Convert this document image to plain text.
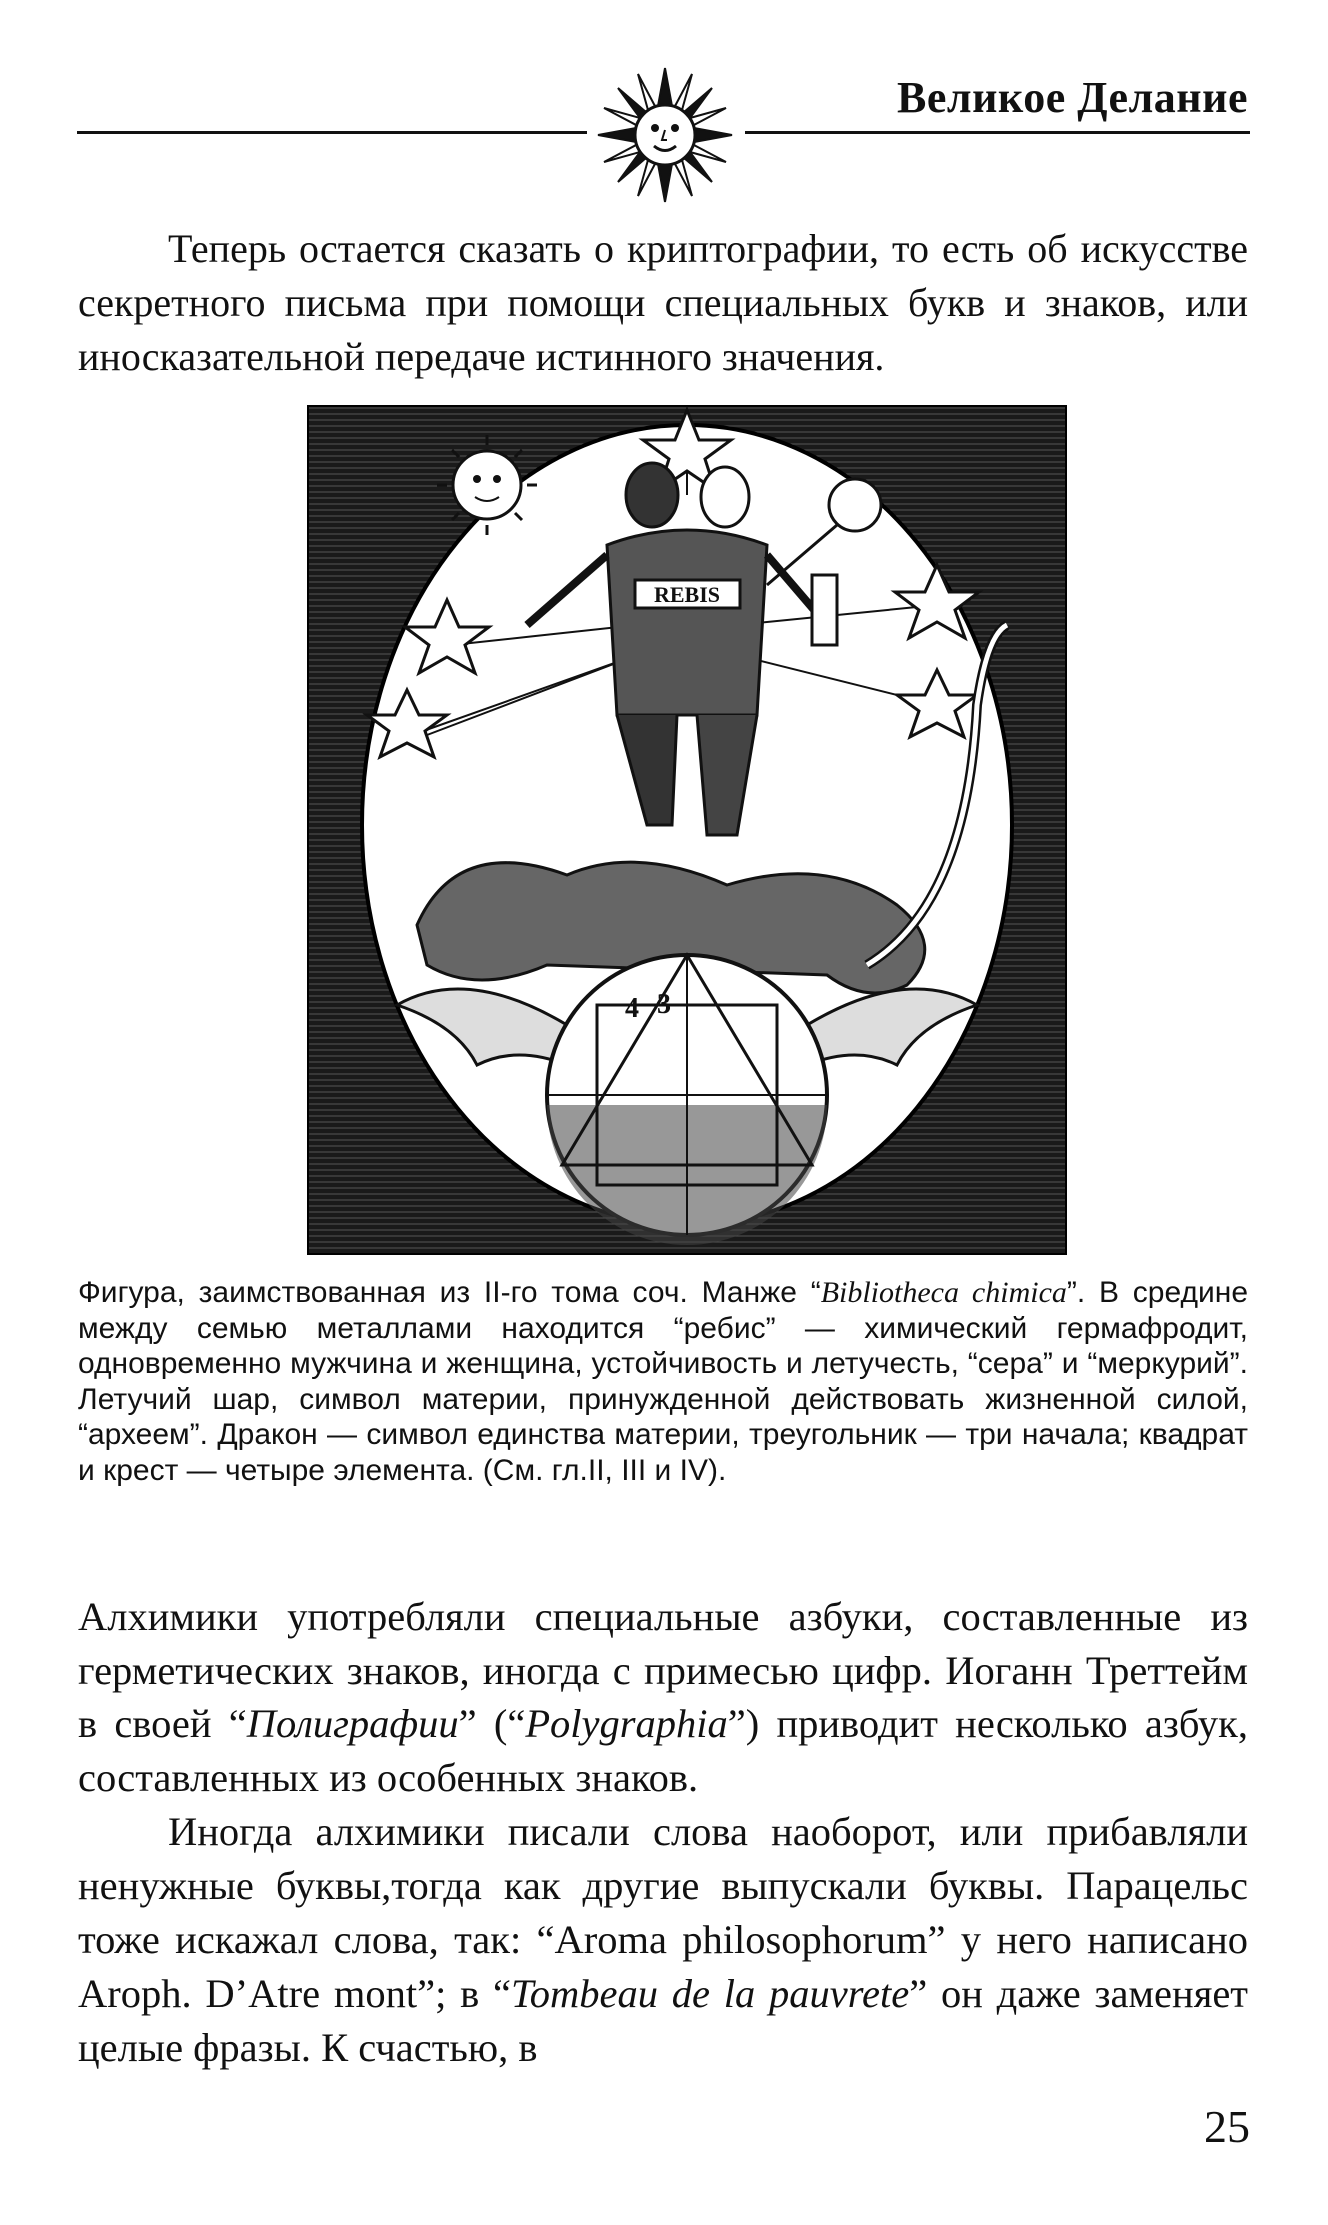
Великое Делание
Теперь остается сказать о криптографии, то есть об искусстве секретного письма при помощи специальных букв и знаков, или иносказательной передаче истинного значения.
REBIS
4 3
Фигура, заимствованная из II-го тома соч. Манже “Bibliotheca chimica”. В средине между семью металлами находится “ребис” — химический гермафродит, одновременно мужчина и женщина, устойчивость и летучесть, “сера” и “меркурий”. Летучий шар, символ материи, принужденной действовать жизненной силой, “археем”. Дракон — символ единства материи, треугольник — три начала; квадрат и крест — четыре элемента. (См. гл.II, III и IV).
Алхимики употребляли специальные азбуки, составленные из герметических знаков, иногда с примесью цифр. Иоганн Треттейм в своей “Полиграфии” (“Polygraphia”) приводит несколько азбук, составленных из особенных знаков.
Иногда алхимики писали слова наоборот, или прибавляли ненужные буквы,тогда как другие выпускали буквы. Парацельс тоже искажал слова, так: “Aroma philosophorum” у него написано Aroph. D’Atre mont”; в “Tombeau de la pauvrete” он даже заменяет целые фразы. К счастью, в
25
